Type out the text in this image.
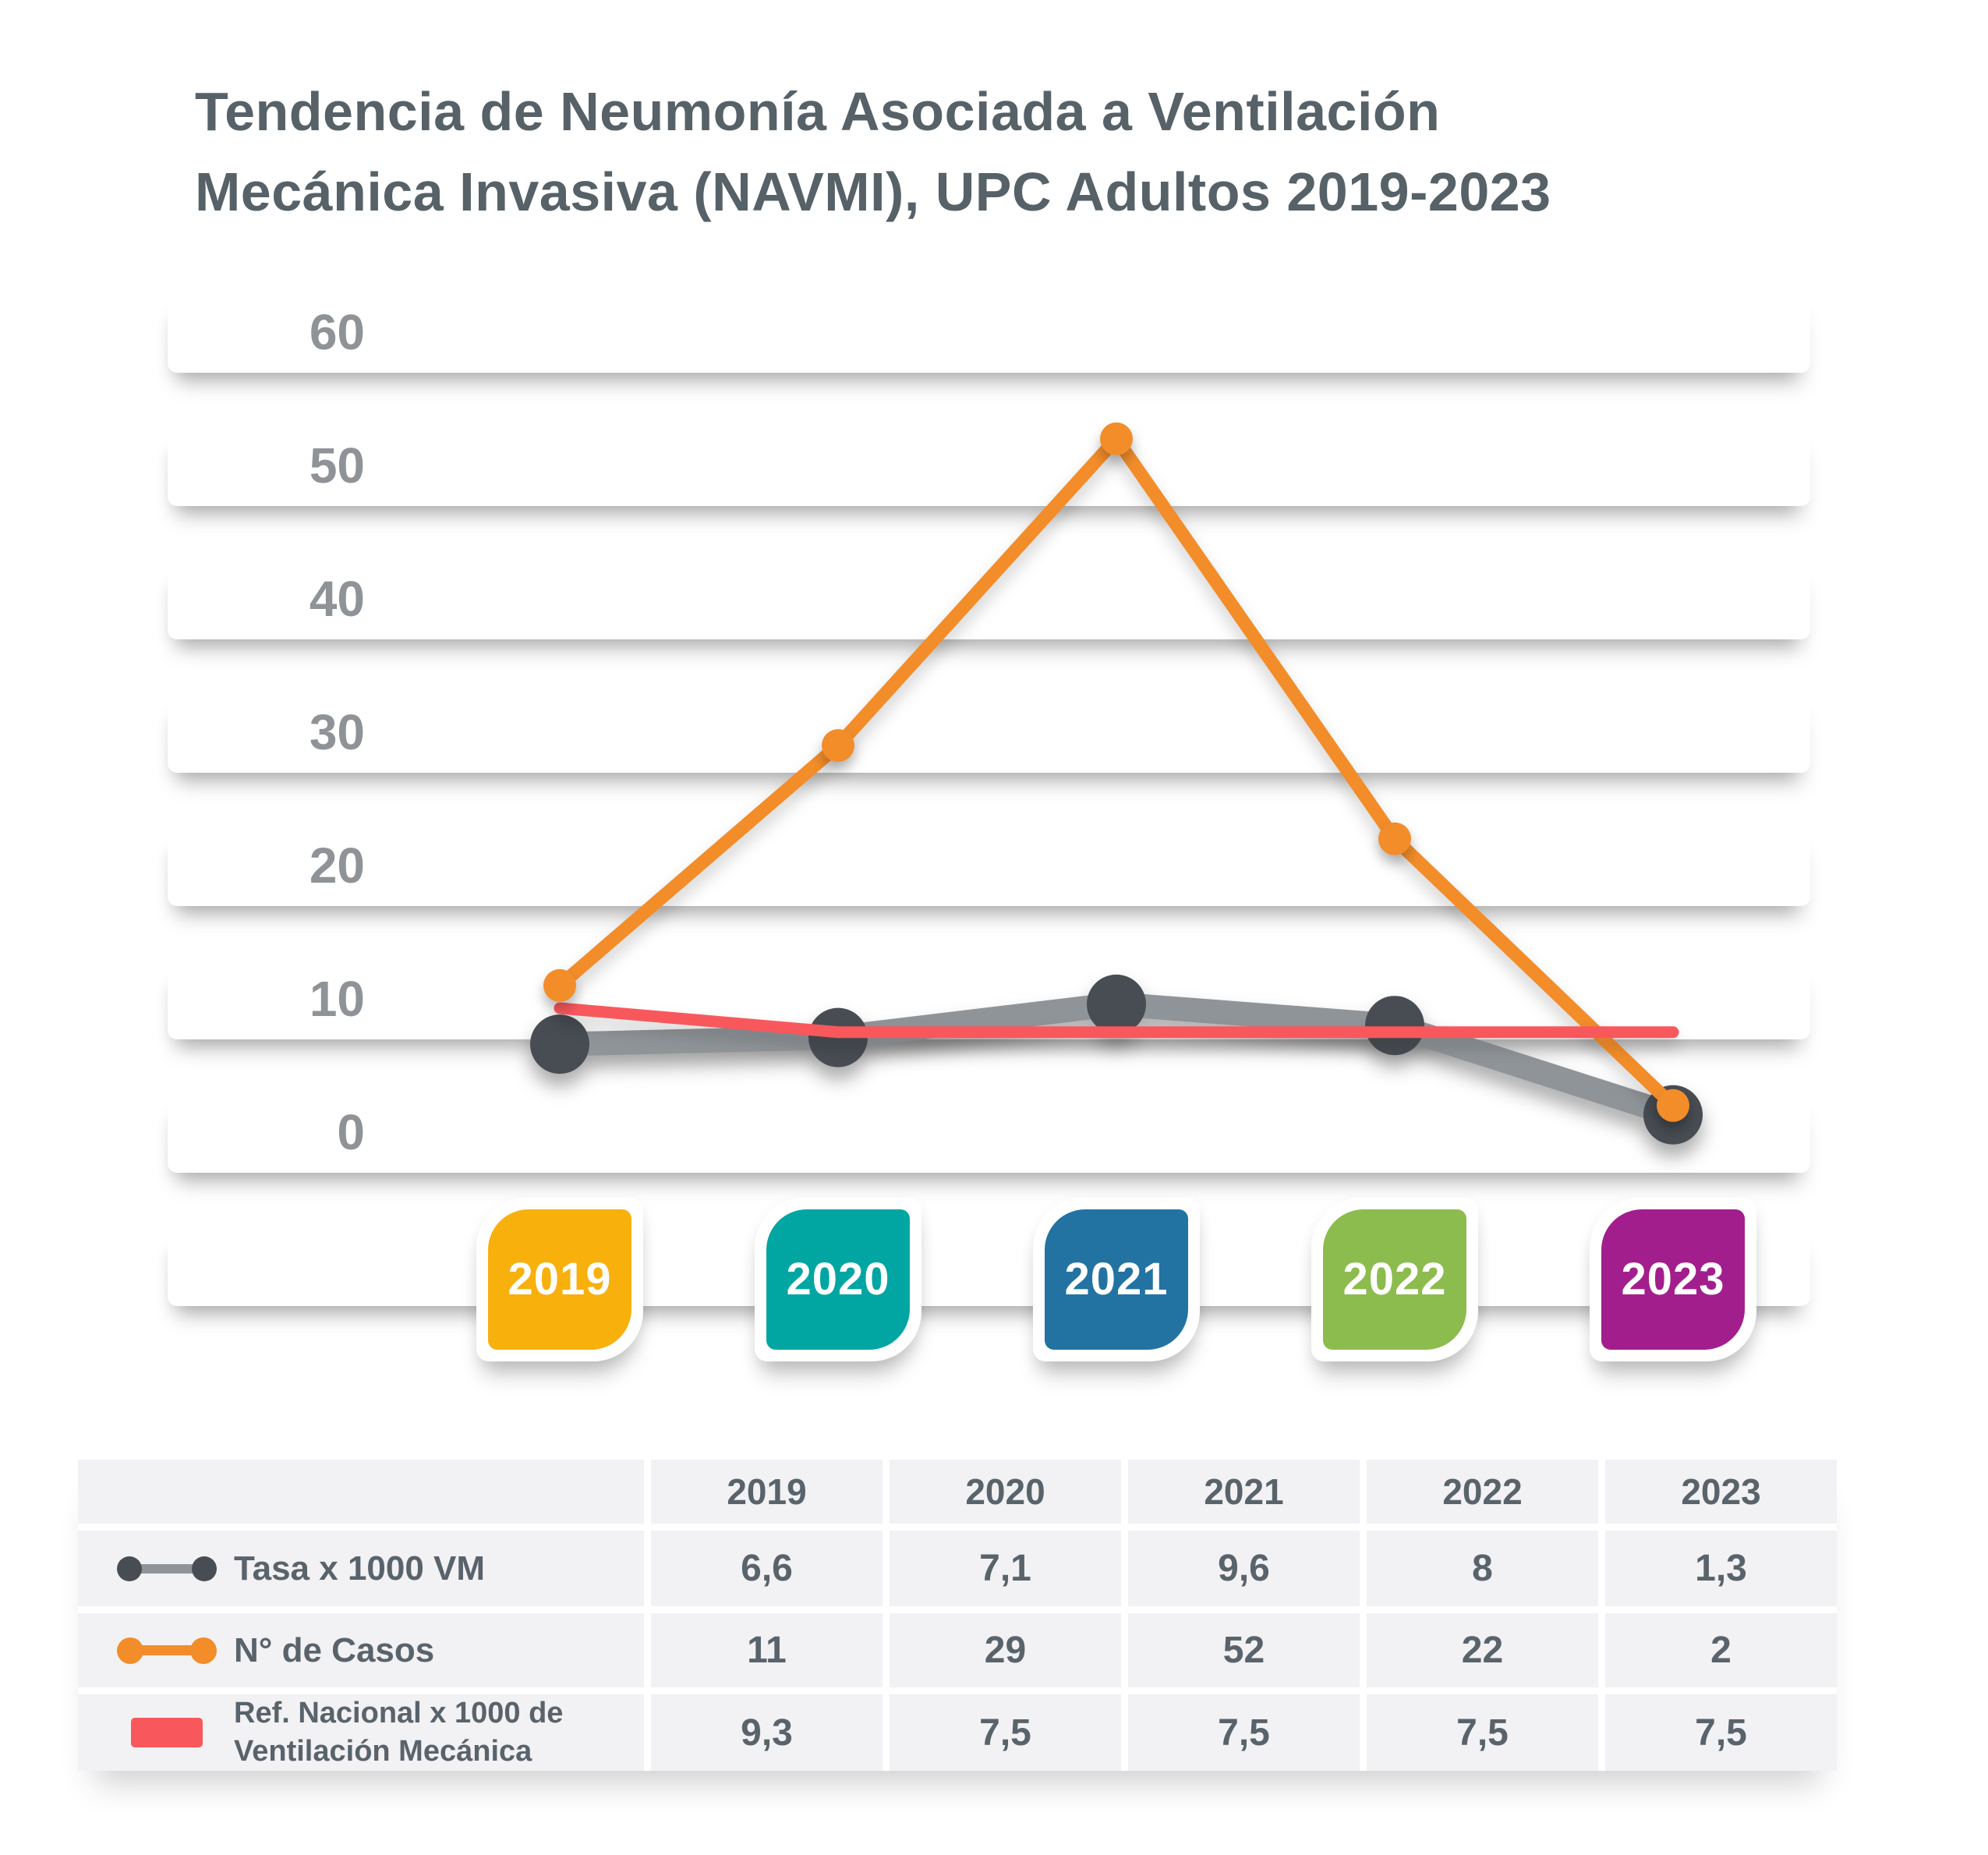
Tendencia de Neumonía Asociada a Ventilación
Mecánica Invasiva (NAVMI), UPC Adultos 2019-2023
60
50
40
30
20
10
0
2019	2020	2021	2022	2023
2019	2020	2021	2022	2023
Tasa x 1000 VM	6,6	7,1	9,6	8	1,3
N° de Casos	11	29	52	22	2
Ref. Nacional x 1000 de Ventilación Mecánica	9,3	7,5	7,5	7,5	7,5
